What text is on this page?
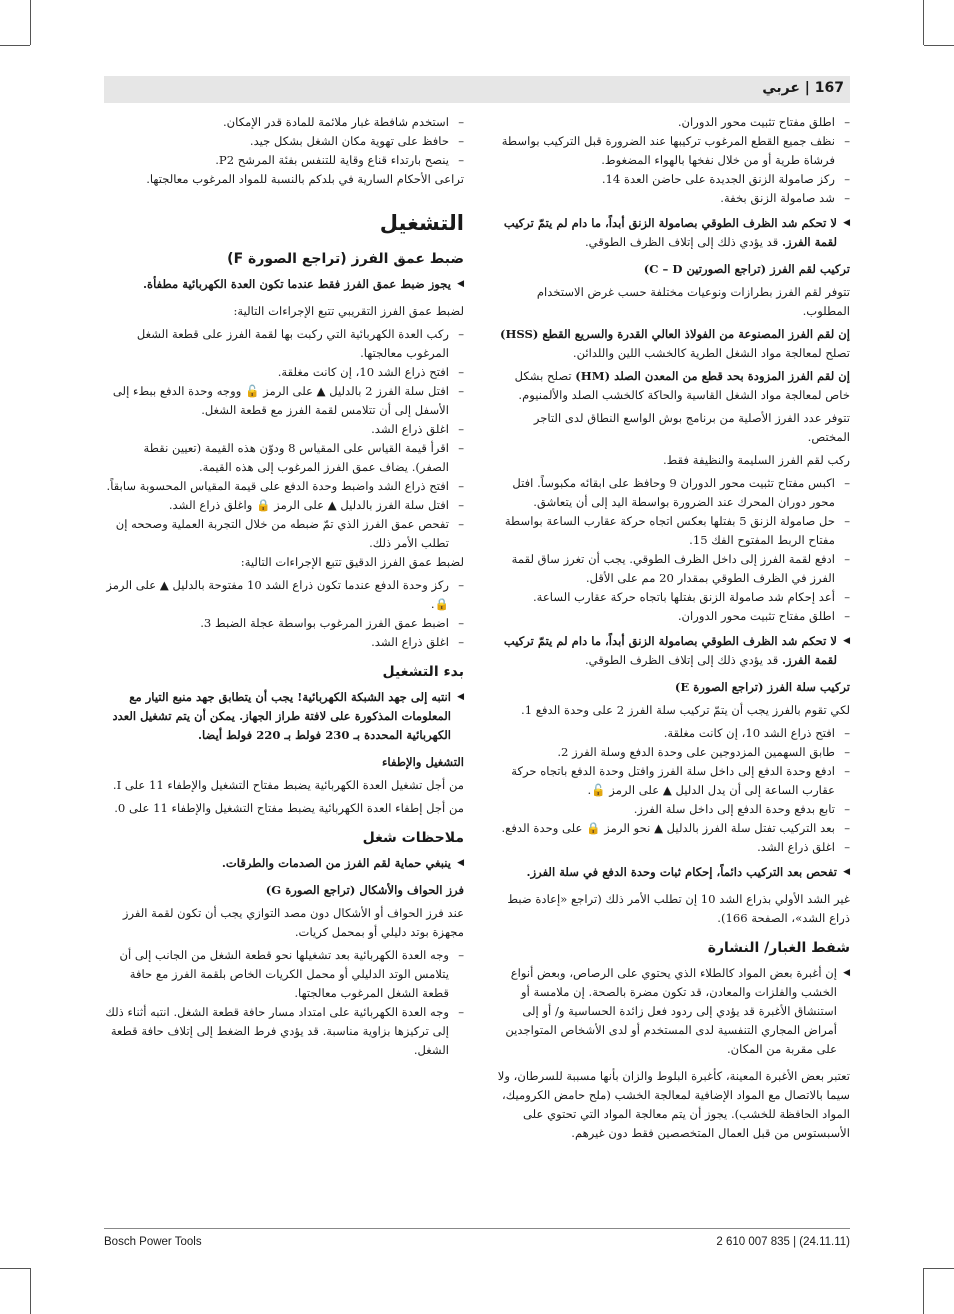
167 | عربي
– اطلق مفتاح تثبيت محور الدوران.
– نظف جميع القطع المرغوب تركيبها عند الضرورة قبل التركيب بواسطة فرشاة طرية أو من خلال نفخها بالهواء المضغوط.
– ركز صامولة الزنق الجديدة على حاضن العدة 14.
– شد صامولة الزنق بخفة.
◀ لا تحكم شد الظرف الطوقي بصامولة الزنق أبداً، ما دام لم يتمّ تركيب لقمة الفرز. قد يؤدي ذلك إلى إتلاف الظرف الطوقي.
تركيب لقم الفرز (تراجع الصورتين C – D)

تتوفر لقم الفرز بطرازات ونوعيات مختلفة حسب غرض الاستخدام المطلوب.

إن لقم الفرز المصنوعة من الفولاذ العالي القدرة والسريع القطع (HSS)
تصلح لمعالجة مواد الشغل الطرية كالخشب اللين واللدائن.

إن لقم الفرز المزودة بحد قطع من المعدن الصلد (HM) تصلح بشكل خاص لمعالجة مواد الشغل القاسية والحاكة كالخشب الصلد والألمنيوم.

تتوفر عدد الفرز الأصلية من برنامج بوش الواسع النطاق لدى التاجر المختص.

ركب لقم الفرز السليمة والنظيفة فقط.

– اكبس مفتاح تثبيت محور الدوران 9 وحافظ على ابقائه مكبوساً. افتل محور دوران المحرك عند الضرورة بواسطة اليد إلى أن يتعاشق.
– حل صامولة الزنق 5 بفتلها بعكس اتجاه حركة عقارب الساعة بواسطة مفتاح الربط المفتوح الفك 15.
– ادفع لقمة الفرز إلى داخل الظرف الطوقي. يجب أن تغرز ساق لقمة الفرز في الظرف الطوقي بمقدار 20 مم على الأقل.
– أعد إحكام شد صامولة الزنق بفتلها باتجاه حركة عقارب الساعة.
– اطلق مفتاح تثبيت محور الدوران.
◀ لا تحكم شد الظرف الطوقي بصامولة الزنق أبداً، ما دام لم يتمّ تركيب لقمة الفرز. قد يؤدي ذلك إلى إتلاف الظرف الطوقي.
تركيب سلة الفرز (تراجع الصورة E)

لكي تقوم بالفرز يجب أن يتمّ تركيب سلة الفرز 2 على وحدة الدفع 1.

– افتح ذراع الشد 10، إن كانت مغلقة.
– طابق السهمين المزدوجين على وحدة الدفع وسلة الفرز 2.
– ادفع وحدة الدفع إلى داخل سلة الفرز وافتل وحدة الدفع باتجاه حركة عقارب الساعة إلى أن يدل الدليل ▲ على الرمز 🔓.
– تابع بدفع وحدة الدفع إلى داخل سلة الفرز.
– بعد التركيب تفتل سلة الفرز بالدليل ▲ نحو الرمز 🔒 على وحدة الدفع.
– اغلق ذراع الشد.
◀ تفحص بعد التركيب دائماً، إحكام ثبات وحدة الدفع في سلة الفرز.

غير الشد الأولي بذراع الشد 10 إن تطلب الأمر ذلك (تراجع «إعادة ضبط ذراع الشد»، الصفحة 166).

شفط الغبار/ النشارة
◀ إن أغبرة بعض المواد كالطلاء الذي يحتوي على الرصاص، وبعض أنواع الخشب والفلزات والمعادن، قد تكون مضرة بالصحة. إن ملامسة أو استنشاق الأغبرة قد يؤدي إلى ردود فعل زائدة الحساسية و/ أو إلى أمراض المجاري التنفسية لدى المستخدم أو لدى الأشخاص المتواجدين على مقربة من المكان.

تعتبر بعض الأغبرة المعينة، كأغبرة البلوط والزان بأنها مسببة للسرطان، ولا سيما بالاتصال مع المواد الإضافية لمعالجة الخشب (ملح حامض الكروميك، المواد الحافظة للخشب). يجوز أن يتم معالجة المواد التي تحتوي على الأسبستوس من قبل العمال المتخصصين فقط دون غيرهم.

– استخدم شافطة غبار ملائمة للمادة قدر الإمكان.
– حافظ على تهوية مكان الشغل بشكل جيد.
– ينصح بارتداء قناع وقاية للتنفس بفئة المرشح P2.

تراعى الأحكام السارية في بلدكم بالنسبة للمواد المرغوب معالجتها.

التشغيل
ضبط عمق الفرز (تراجع الصورة F)
◀ يجوز ضبط عمق الفرز فقط عندما تكون العدة الكهربائية مطفأة.

لضبط عمق الفرز التقريبي تتبع الإجراءات التالية:

– ركب العدة الكهربائية التي ركبت بها لقمة الفرز على قطعة الشغل المرغوب معالجتها.
– افتح ذراع الشد 10، إن كانت مغلقة.
– افتل سلة الفرز 2 بالدليل ▲ على الرمز 🔓 ووجه وحدة الدفع ببطء إلى الأسفل إلى أن تتلامس لقمة الفرز مع قطعة الشغل.
– اغلق ذراع الشد.
– اقرأ قيمة القياس على المقياس 8 ودوّن هذه القيمة (تعيين نقطة الصفر). يضاف عمق الفرز المرغوب إلى هذه القيمة.
– افتح ذراع الشد واضبط وحدة الدفع على قيمة المقياس المحسوبة سابقاً.
– افتل سلة الفرز بالدليل ▲ على الرمز 🔒 واغلق ذراع الشد.
– تفحص عمق الفرز الذي تمّ ضبطه من خلال التجربة العملية وصححه إن تطلب الأمر ذلك.

لضبط عمق الفرز الدقيق تتبع الإجراءات التالية:

– ركز وحدة الدفع عندما تكون ذراع الشد 10 مفتوحة بالدليل ▲ على الرمز 🔒.
– اضبط عمق الفرز المرغوب بواسطة عجلة الضبط 3.
– اغلق ذراع الشد.
بدء التشغيل
◀ انتبه إلى جهد الشبكة الكهربائية! يجب أن يتطابق جهد منبع التيار مع المعلومات المذكورة على لافتة طراز الجهاز. يمكن أن يتم تشغيل العدد الكهربائية المحددة بـ 230 فولط بـ 220 فولط أيضا.
التشغيل والإطفاء

من أجل تشغيل العدة الكهربائية يضبط مفتاح التشغيل والإطفاء 11 على I.

من أجل إطفاء العدة الكهربائية يضبط مفتاح التشغيل والإطفاء 11 على 0.

ملاحظات شغل
◀ ينبغي حماية لقم الفرز من الصدمات والطرقات.
فرز الحواف والأشكال (تراجع الصورة G)

عند فرز الحواف أو الأشكال دون مصد التوازي يجب أن تكون لقمة الفرز مجهزة بوتد دليلي أو بمحمل كريات.

– وجه العدة الكهربائية بعد تشغيلها نحو قطعة الشغل من الجانب إلى أن يتلامس الوتد الدليلي أو محمل الكريات الخاص بلقمة الفرز مع حافة قطعة الشغل المرغوب معالجتها.
– وجه العدة الكهربائية على امتداد مسار حافة قطعة الشغل. انتبه أثناء ذلك إلى تركيزها بزاوية مناسبة. قد يؤدي فرط الضغط إلى إتلاف حافة قطعة الشغل.
Bosch Power Tools	2 610 007 835 | (24.11.11)
